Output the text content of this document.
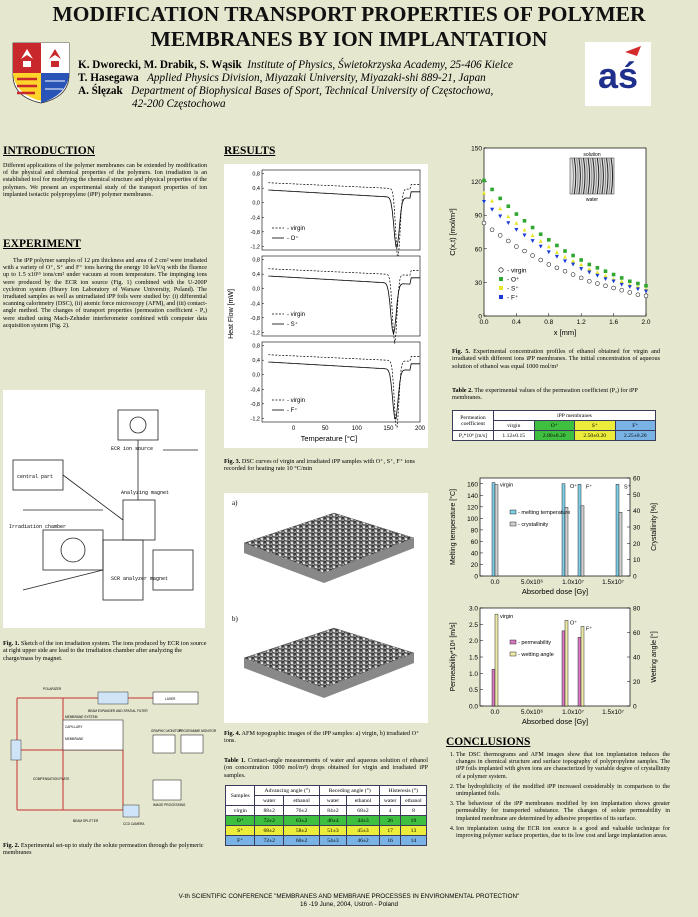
MODIFICATION TRANSPORT PROPERTIES OF POLYMER
MEMBRANES BY ION IMPLANTATION
aś
K. Dworecki, M. Drabik, S. Wąsik Institute of Physics, Świetokrzyska Academy, 25-406 Kielce
T. Hasegawa Applied Physics Division, Miyazaki University, Miyazaki-shi 889-21, Japan
A. Ślęzak Department of Biophysical Bases of Sport, Technical University of Częstochowa,
42-200 Częstochowa
INTRODUCTION
Different applications of the polymer membranes can be extended by modification of the physical and chemical properties of the polymers. Ion irradiation is an established tool for modifying the chemical structure and physical properties of the polymers. We present an experimental study of the transport properties of ion implanted isotactic polypropylene (iPP) polymer membranes.
EXPERIMENT
The iPP polymer samples of 12 μm thickness and area of 2 cm² were irradiated with a variety of O⁺, S⁺ and F⁺ ions having the energy 10 keV/q with the fluence up to 1.5 x10¹⁵ ions/cm² under vacuum at room temperature. The impinging ions were produced by the ECR ion source (Fig. 1) combined with the U-200P cyclotron system (Heavy Ion Laboratory of Warsaw University, Poland). The irradiated samples as well as unirradiated iPP foils were studied by: (i) differential scanning calorimetry (DSC), (ii) atomic force microscopy (AFM), and (iii) contact-angle method. The changes of transport properties (permeation coefficient - Pₐ) were studied using Mach-Zehnder interferometer combined with computer data acquisition system (Fig. 2).
ECR ion source
Irradiation chamber
central part
Analyzing magnet
SCR analyzer magnet
Fig. 1. Sketch of the ion irradiation system. The ions produced by ECR ion source at right upper side are lead to the irradiation chamber after analyzing the charge/mass by magnet.
LASER
BEAM EXPANDER AND SPATIAL FILTER
POLARIZER
MEMBRANE SYSTEM
CAPILLARY
MEMBRANE
GRAPHIC MONITOR
PROGRAMME MONITOR
COMPENSATION PLATE
BEAM SPLITTER
IMAGE PROCESSING
CCD CAMERA
Fig. 2. Experimental set-up to study the solute permeation through the polymeric membranes
RESULTS
0,8
0,4
0,0
-0,4
-0,8
-1,2
- virgin
- O⁺
0,8
0,4
0,0
-0,4
-0,8
-1,2
- virgin
- S⁺
0,8
0,4
0,0
-0,4
-0,8
-1,2
- virgin
- F⁺
0	50	100	150	200
Heat Flow [mW]
Temperature [°C]
Fig. 3. DSC curves of virgin and irradiated iPP samples with O⁺, S⁺, F⁺ ions recorded for heating rate 10 °C/min
a)
b)
Fig. 4. AFM topographic images of the iPP samples: a) virgin, b) irradiated O⁺ ions.
Table 1. Contact-angle measurements of water and aqueous solution of ethanol (on concentration 1000 mol/m³) drops obtained for virgin and irradiated iPP samples.
Samples	Advancing angle (°)		Receding angle (°)		Histeresis (°)	
	water	ethanol	water	ethanol	water	ethanol
virgin	88±2	76±2	84±2	68±2	4	8
O⁺	72±2	63±2	46±4	44±3	26	19
S⁺	68±2	58±2	51±3	45±3	17	13
F⁺	72±2	60±2	54±3	46±2	16	14
0
30
60
90
120
150
0.0	0.4	0.8	1.2	1.6	2.0
x [mm]
C(x,t) [mol/m³]
solution
water
- virgin
- O⁺
- S⁺
- F⁺
Fig. 5. Experimental concentration profiles of ethanol obtained for virgin and irradiated with different ions iPP membranes. The initial concentration of aqueous solution of ethanol was equal 1000 mol/m³
Table 2. The experimental values of the permeation coefficient (Pₐ) for iPP membranes.
Permeation coefficient	iPP membranes			
	virgin	O⁺	S⁺	F⁺
Pₐ*10⁶ [m/s]	1.12±0.15	2.80±0.20	2.50±0.20	2.25±0.20
0
20
40
60
80
100
120
140
160
0
10
20
30
40
50
60
0.0	5.0x10⁶	1.0x10⁷	1.5x10⁷
Absorbed dose [Gy]
Melting temperature [°C]	Crystallinity [%]
virgin	O⁺ F⁺	S⁺
- melting temperature
- crystallinity
0.0
0.5
1.0
1.5
2.0
2.5
3.0
0
20
40
60
80
0.0	5.0x10⁶	1.0x10⁷	1.5x10⁷
Absorbed dose [Gy]
Permeability*10⁶ [m/s]	Wetting angle [°]
virgin
O⁺
F⁺
- permeability
- wetting angle
CONCLUSIONS
1. The DSC thermograms and AFM images show that ion implantation induces the changes in chemical structure and surface topography of polypropylene samples. The iPP foils implanted with given ions are characterized by variable degree of crystallinity of a polymer system.
2. The hydrophilicity of the modified iPP increased considerably in comparison to the unimplanted foils.
3. The behaviour of the iPP membranes modified by ion implantation shows greater permeability for transported substance. The changes of solute permeability in implanted membrane are determined by adhesive properties of its surface.
4. Ion implantation using the ECR ion source is a good and valuable technique for improving polymer surface properties, due to its low cost and large implantation areas.
V-th SCIENTIFIC CONFERENCE "MEMBRANES AND MEMBRANE PROCESSES IN ENVIRONMENTAL PROTECTION"
16 -19 June, 2004, Ustroń - Poland
